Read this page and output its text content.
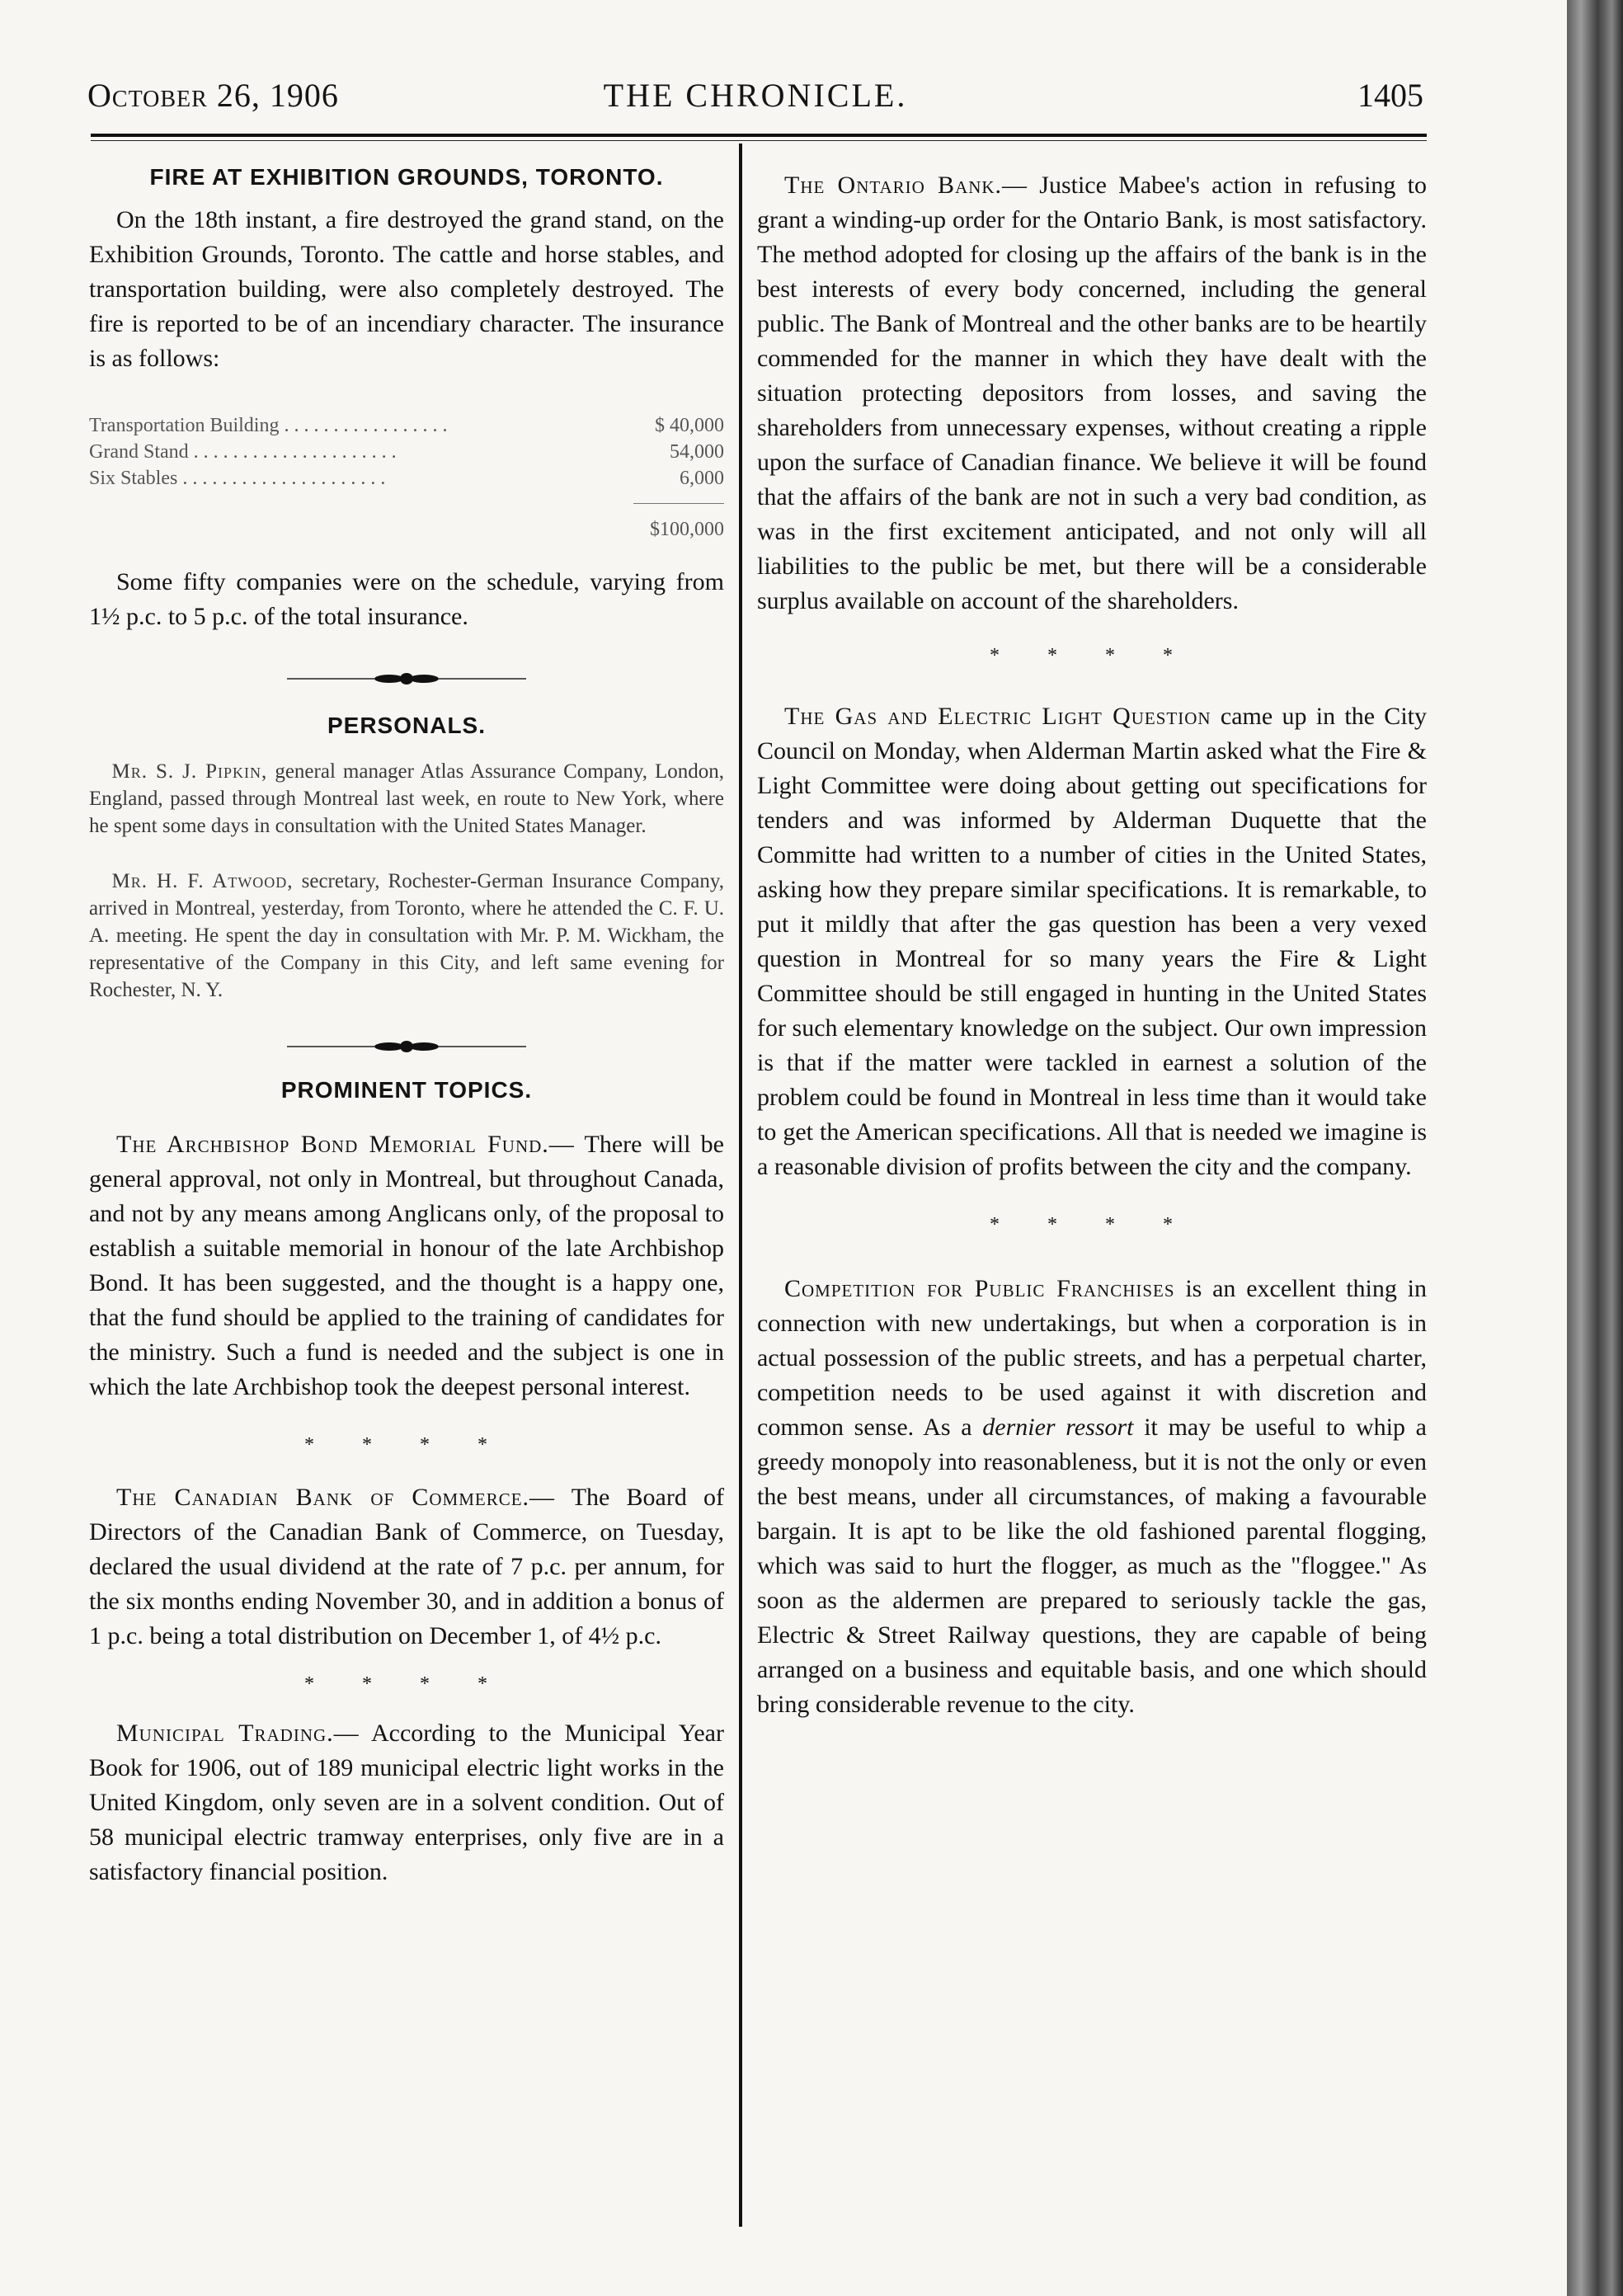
October 26, 1906	THE CHRONICLE.	1405
FIRE AT EXHIBITION GROUNDS, TORONTO.

On the 18th instant, a fire destroyed the grand stand, on the Exhibition Grounds, Toronto. The cattle and horse stables, and transportation building, were also completely destroyed. The fire is reported to be of an incendiary character. The insurance is as follows:

Transportation Building . . . . . . . . . . . . . . . . .	$ 40,000
Grand Stand . . . . . . . . . . . . . . . . . . . . .	54,000
Six Stables . . . . . . . . . . . . . . . . . . . . .	6,000
$100,000

Some fifty companies were on the schedule, varying from 1½ p.c. to 5 p.c. of the total insurance.

PERSONALS.

Mr. S. J. Pipkin, general manager Atlas Assurance Company, London, England, passed through Montreal last week, en route to New York, where he spent some days in consultation with the United States Manager.

Mr. H. F. Atwood, secretary, Rochester-German Insurance Company, arrived in Montreal, yesterday, from Toronto, where he attended the C. F. U. A. meeting. He spent the day in consultation with Mr. P. M. Wickham, the representative of the Company in this City, and left same evening for Rochester, N. Y.

PROMINENT TOPICS.

The Archbishop Bond Memorial Fund.— There will be general approval, not only in Montreal, but throughout Canada, and not by any means among Anglicans only, of the proposal to establish a suitable memorial in honour of the late Archbishop Bond. It has been suggested, and the thought is a happy one, that the fund should be applied to the training of candidates for the ministry. Such a fund is needed and the subject is one in which the late Archbishop took the deepest personal interest.

* * * *

The Canadian Bank of Commerce.— The Board of Directors of the Canadian Bank of Commerce, on Tuesday, declared the usual dividend at the rate of 7 p.c. per annum, for the six months ending November 30, and in addition a bonus of 1 p.c. being a total distribution on December 1, of 4½ p.c.

* * * *

Municipal Trading.— According to the Municipal Year Book for 1906, out of 189 municipal electric light works in the United Kingdom, only seven are in a solvent condition. Out of 58 municipal electric tramway enterprises, only five are in a satisfactory financial position.

The Ontario Bank.— Justice Mabee's action in refusing to grant a winding-up order for the Ontario Bank, is most satisfactory. The method adopted for closing up the affairs of the bank is in the best interests of every body concerned, including the general public. The Bank of Montreal and the other banks are to be heartily commended for the manner in which they have dealt with the situation protecting depositors from losses, and saving the shareholders from unnecessary expenses, without creating a ripple upon the surface of Canadian finance. We believe it will be found that the affairs of the bank are not in such a very bad condition, as was in the first excitement anticipated, and not only will all liabilities to the public be met, but there will be a considerable surplus available on account of the shareholders.

* * * *

The Gas and Electric Light Question came up in the City Council on Monday, when Alderman Martin asked what the Fire & Light Committee were doing about getting out specifications for tenders and was informed by Alderman Duquette that the Committe had written to a number of cities in the United States, asking how they prepare similar specifications. It is remarkable, to put it mildly that after the gas question has been a very vexed question in Montreal for so many years the Fire & Light Committee should be still engaged in hunting in the United States for such elementary knowledge on the subject. Our own impression is that if the matter were tackled in earnest a solution of the problem could be found in Montreal in less time than it would take to get the American specifications. All that is needed we imagine is a reasonable division of profits between the city and the company.

* * * *

Competition for Public Franchises is an excellent thing in connection with new undertakings, but when a corporation is in actual possession of the public streets, and has a perpetual charter, competition needs to be used against it with discretion and common sense. As a dernier ressort it may be useful to whip a greedy monopoly into reasonableness, but it is not the only or even the best means, under all circumstances, of making a favourable bargain. It is apt to be like the old fashioned parental flogging, which was said to hurt the flogger, as much as the "floggee." As soon as the aldermen are prepared to seriously tackle the gas, Electric & Street Railway questions, they are capable of being arranged on a business and equitable basis, and one which should bring considerable revenue to the city.
